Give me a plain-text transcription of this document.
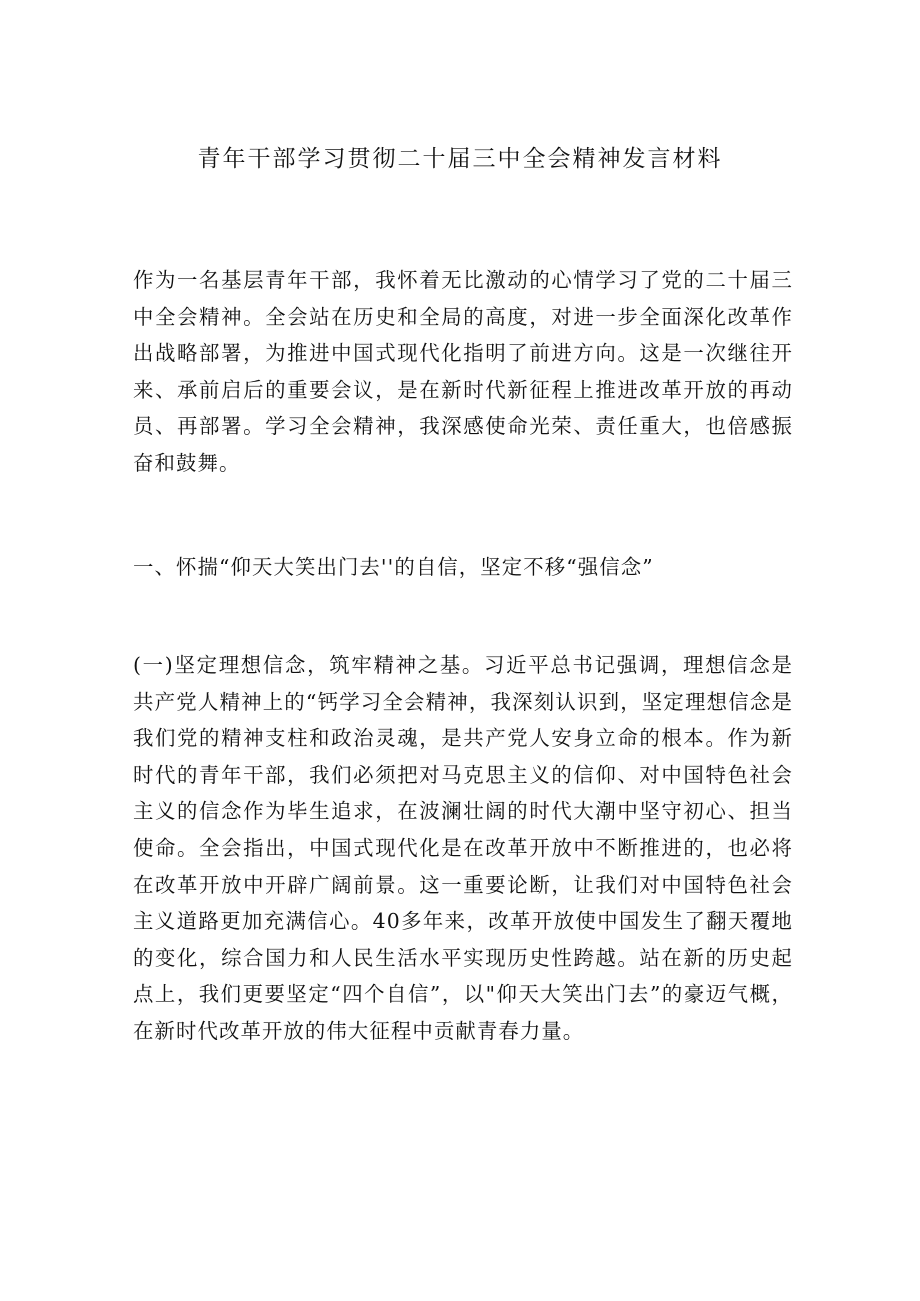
青年干部学习贯彻二十届三中全会精神发言材料

作为一名基层青年干部，我怀着无比激动的心情学习了党的二十届三中全会精神。全会站在历史和全局的高度，对进一步全面深化改革作出战略部署，为推进中国式现代化指明了前进方向。这是一次继往开来、承前启后的重要会议，是在新时代新征程上推进改革开放的再动员、再部署。学习全会精神，我深感使命光荣、责任重大，也倍感振奋和鼓舞。

一、怀揣“仰天大笑出门去''的自信，坚定不移“强信念”

(一)坚定理想信念，筑牢精神之基。习近平总书记强调，理想信念是共产党人精神上的“钙学习全会精神，我深刻认识到，坚定理想信念是我们党的精神支柱和政治灵魂，是共产党人安身立命的根本。作为新时代的青年干部，我们必须把对马克思主义的信仰、对中国特色社会主义的信念作为毕生追求，在波澜壮阔的时代大潮中坚守初心、担当使命。全会指出，中国式现代化是在改革开放中不断推进的，也必将在改革开放中开辟广阔前景。这一重要论断，让我们对中国特色社会主义道路更加充满信心。40多年来，改革开放使中国发生了翻天覆地的变化，综合国力和人民生活水平实现历史性跨越。站在新的历史起点上，我们更要坚定“四个自信”，以"仰天大笑出门去”的豪迈气概，在新时代改革开放的伟大征程中贡献青春力量。
